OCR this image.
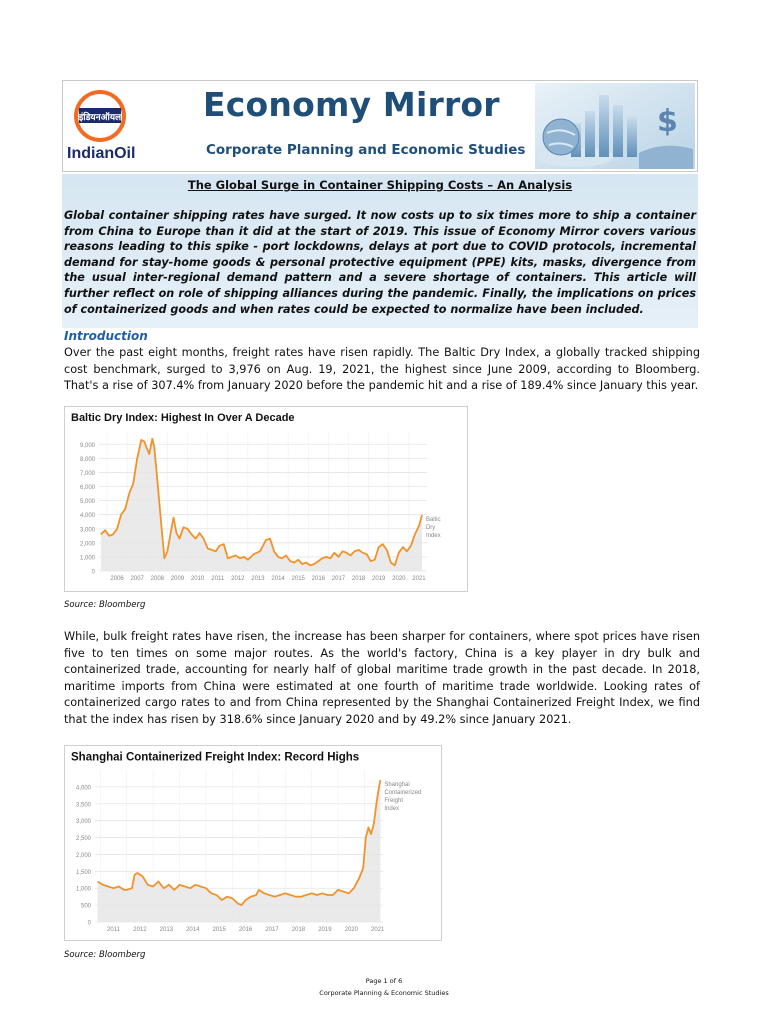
इंडियनऑयल
IndianOil
Economy Mirror
Corporate Planning and Economic Studies
$
The Global Surge in Container Shipping Costs – An Analysis
Global container shipping rates have surged. It now costs up to six times more to ship a container from China to Europe than it did at the start of 2019. This issue of Economy Mirror covers various reasons leading to this spike - port lockdowns, delays at port due to COVID protocols, incremental demand for stay-home goods & personal protective equipment (PPE) kits, masks, divergence from the usual inter-regional demand pattern and a severe shortage of containers. This article will further reflect on role of shipping alliances during the pandemic. Finally, the implications on prices of containerized goods and when rates could be expected to normalize have been included.
Introduction
Over the past eight months, freight rates have risen rapidly. The Baltic Dry Index, a globally tracked shipping cost benchmark, surged to 3,976 on Aug. 19, 2021, the highest since June 2009, according to Bloomberg. That's a rise of 307.4% from January 2020 before the pandemic hit and a rise of 189.4% since January this year.
Baltic Dry Index: Highest In Over A Decade
0
1,000
2,000
3,000
4,000
5,000
6,000
7,000
8,000
9,000
2006 2007 2008 2009 2010 2011 2012 2013 2014 2015 2016 2017 2018 2019 2020 2021
Baltic Dry Index
Source: Bloomberg
While, bulk freight rates have risen, the increase has been sharper for containers, where spot prices have risen five to ten times on some major routes. As the world's factory, China is a key player in dry bulk and containerized trade, accounting for nearly half of global maritime trade growth in the past decade. In 2018, maritime imports from China were estimated at one fourth of maritime trade worldwide. Looking rates of containerized cargo rates to and from China represented by the Shanghai Containerized Freight Index, we find that the index has risen by 318.6% since January 2020 and by 49.2% since January 2021.
Shanghai Containerized Freight Index: Record Highs
0
500
1,000
1,500
2,000
2,500
3,000
3,500
4,000
2011 2012 2013 2014 2015 2016 2017 2018 2019 2020 2021
Shanghai Containerized Freight Index
Source: Bloomberg
Page 1 of 6
Corporate Planning & Economic Studies
